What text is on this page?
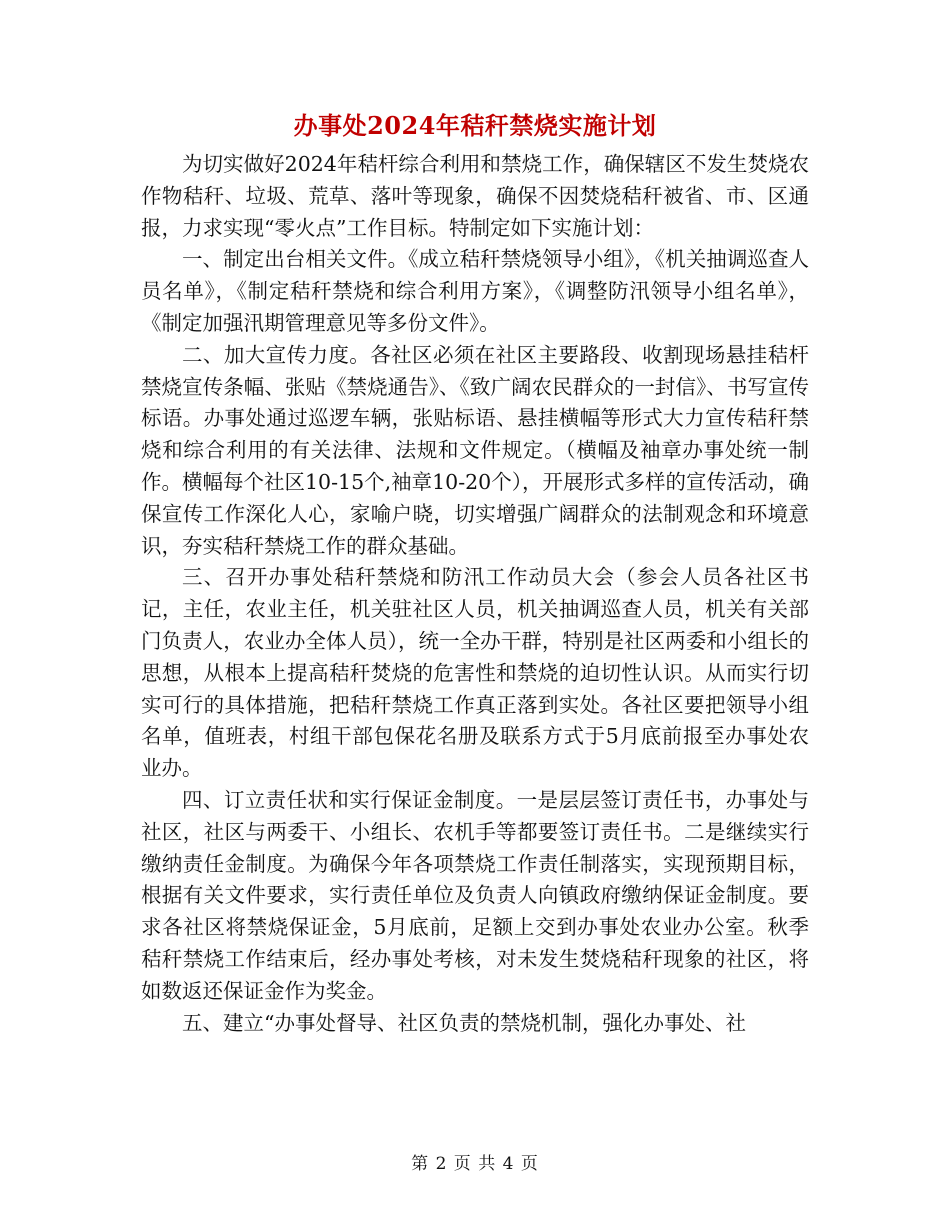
办事处2024年秸秆禁烧实施计划

为切实做好2024年秸杆综合利用和禁烧工作，确保辖区不发生焚烧农作物秸秆、垃圾、荒草、落叶等现象，确保不因焚烧秸秆被省、市、区通报，力求实现“零火点”工作目标。特制定如下实施计划：

一、制定出台相关文件。《成立秸秆禁烧领导小组》，《机关抽调巡查人员名单》，《制定秸秆禁烧和综合利用方案》，《调整防汛领导小组名单》，《制定加强汛期管理意见等多份文件》。

二、加大宣传力度。各社区必须在社区主要路段、收割现场悬挂秸杆禁烧宣传条幅、张贴《禁烧通告》、《致广阔农民群众的一封信》、书写宣传标语。办事处通过巡逻车辆，张贴标语、悬挂横幅等形式大力宣传秸秆禁烧和综合利用的有关法律、法规和文件规定。（横幅及袖章办事处统一制作。横幅每个社区10-15个,袖章10-20个），开展形式多样的宣传活动，确保宣传工作深化人心，家喻户晓，切实增强广阔群众的法制观念和环境意识，夯实秸秆禁烧工作的群众基础。

三、召开办事处秸秆禁烧和防汛工作动员大会（参会人员各社区书记，主任，农业主任，机关驻社区人员，机关抽调巡查人员，机关有关部门负责人，农业办全体人员），统一全办干群，特别是社区两委和小组长的思想，从根本上提高秸秆焚烧的危害性和禁烧的迫切性认识。从而实行切实可行的具体措施，把秸秆禁烧工作真正落到实处。各社区要把领导小组名单，值班表，村组干部包保花名册及联系方式于5月底前报至办事处农业办。

四、订立责任状和实行保证金制度。一是层层签订责任书，办事处与社区，社区与两委干、小组长、农机手等都要签订责任书。二是继续实行缴纳责任金制度。为确保今年各项禁烧工作责任制落实，实现预期目标，根据有关文件要求，实行责任单位及负责人向镇政府缴纳保证金制度。要求各社区将禁烧保证金，5月底前，足额上交到办事处农业办公室。秋季秸秆禁烧工作结束后，经办事处考核，对未发生焚烧秸秆现象的社区，将如数返还保证金作为奖金。

五、建立“办事处督导、社区负责的禁烧机制，强化办事处、社

第 2 页 共 4 页
